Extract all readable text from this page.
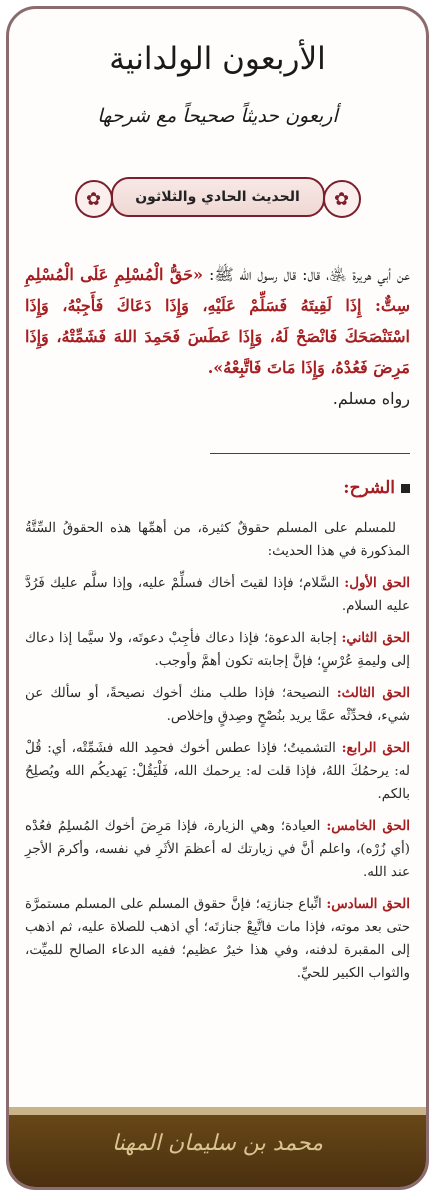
الأربعون الولدانية
أربعون حديثاً صحيحاً مع شرحها
✿
الحديث الحادي والثلاثون
✿
عن أبي هريرة ﵁، قال: قال رسول الله ﷺ: «حَقُّ الْمُسْلِمِ عَلَى الْمُسْلِمِ سِتٌّ: إِذَا لَقِيتَهُ فَسَلِّمْ عَلَيْهِ، وَإِذَا دَعَاكَ فَأَجِبْهُ، وَإِذَا اسْتَنْصَحَكَ فَانْصَحْ لَهُ، وَإِذَا عَطَسَ فَحَمِدَ اللهَ فَشَمِّتْهُ، وَإِذَا مَرِضَ فَعُدْهُ، وَإِذَا مَاتَ فَاتَّبِعْهُ».
رواه مسلم.
الشرح:

للمسلم على المسلم حقوقٌ كثيرة، من أهمِّها هذه الحقوقُ السِّتَّةُ المذكورة في هذا الحديث:

الحق الأول: السَّلام؛ فإذا لقيتَ أخاك فسلِّمْ عليه، وإذا سلَّم عليك فَرُدَّ عليه السلام.

الحق الثاني: إجابة الدعوة؛ فإذا دعاك فأجِبْ دعوتَه، ولا سيَّما إذا دعاك إلى وليمةِ عُرْسٍ؛ فإنَّ إجابته تكون أهمَّ وأوجب.

الحق الثالث: النصيحة؛ فإذا طلب منك أخوك نصيحةً، أو سألك عن شيء، فحدِّثْه عمَّا يريد بنُصْحٍ وصِدقٍ وإخلاص.

الحق الرابع: التشميتُ؛ فإذا عطس أخوك فحمِد الله فشَمِّتْه، أي: قُلْ له: يرحمُكَ اللهُ، فإذا قلت له: يرحمك الله، فَلْيَقُلْ: يَهديكُم الله ويُصلِحُ بالكم.

الحق الخامس: العيادة؛ وهي الزيارة، فإذا مَرِضَ أخوك المُسلِمُ فعُدْه (أي زُرْه)، واعلم أنَّ في زيارتك له أعظمَ الأثَرِ في نفسه، وأكرمَ الأجرِ عند الله.

الحق السادس: اتِّباع جنازتِه؛ فإنَّ حقوق المسلم على المسلم مستمرَّة حتى بعد موته، فإذا مات فاتَّبِعْ جنازتَه؛ أي اذهب للصلاة عليه، ثم اذهب إلى المقبرة لدفنه، وفي هذا خيرٌ عظيم؛ ففيه الدعاء الصالح للميِّت، والثواب الكبير للحيِّ.

محمد بن سليمان المهنا
